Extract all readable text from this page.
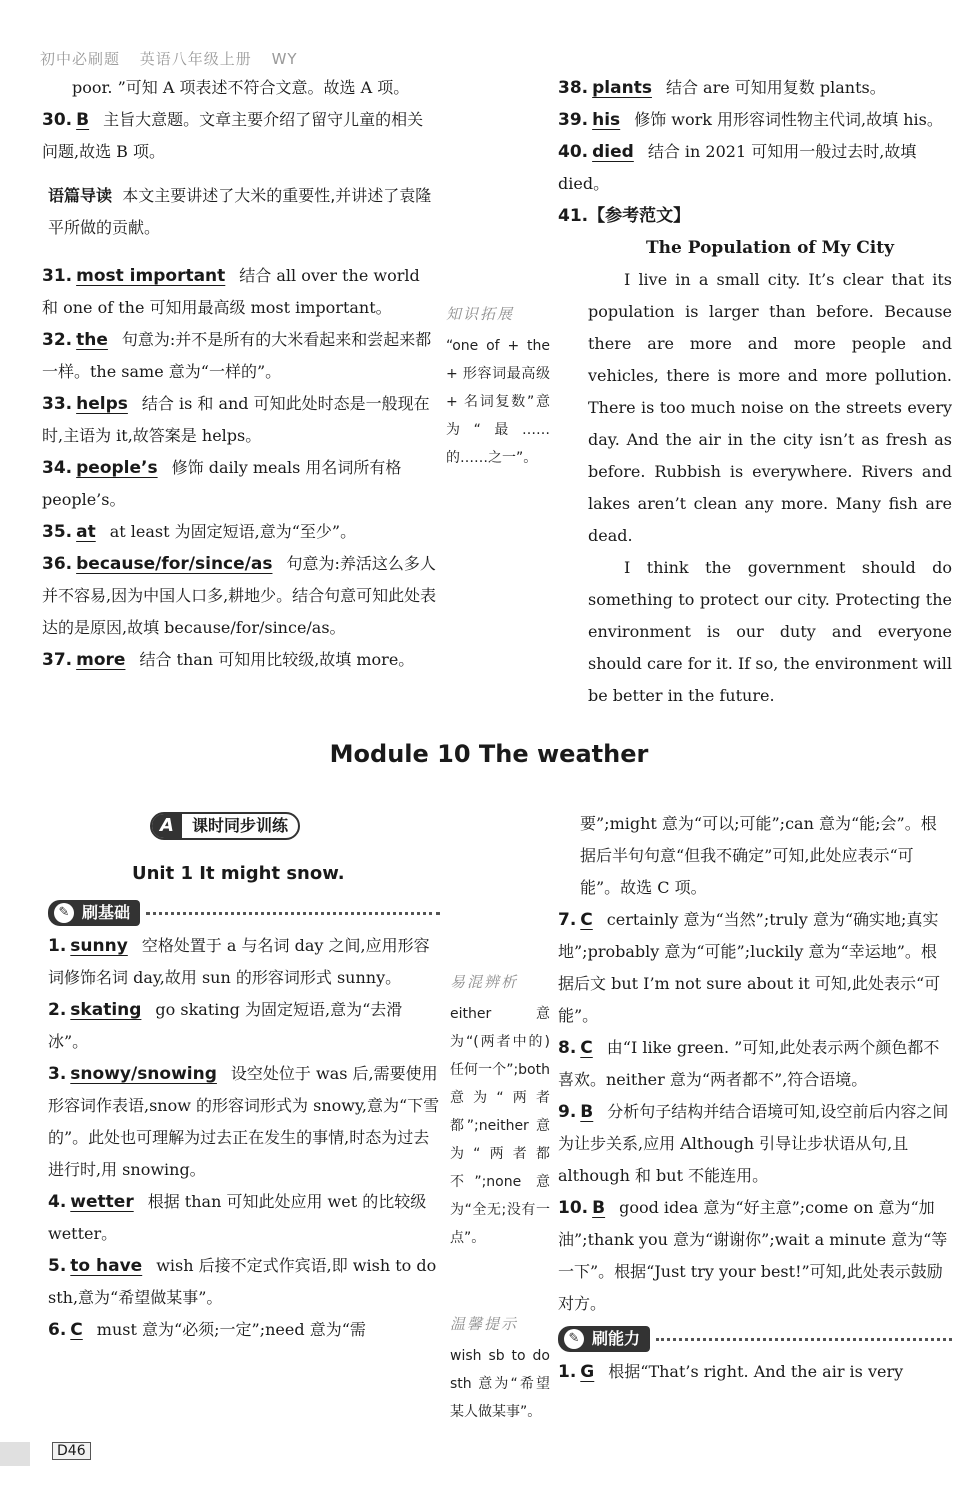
初中必刷题 英语八年级上册 WY
poor. ”可知 A 项表述不符合文意。故选 A 项。
30. B 主旨大意题。文章主要介绍了留守儿童的相关问题,故选 B 项。
语篇导读 本文主要讲述了大米的重要性,并讲述了袁隆平所做的贡献。
31. most important 结合 all over the world 和 one of the 可知用最高级 most important。
32. the 句意为:并不是所有的大米看起来和尝起来都一样。the same 意为“一样的”。
33. helps 结合 is 和 and 可知此处时态是一般现在时,主语为 it,故答案是 helps。
34. people’s 修饰 daily meals 用名词所有格 people’s。
35. at at least 为固定短语,意为“至少”。
36. because/for/since/as 句意为:养活这么多人并不容易,因为中国人口多,耕地少。结合句意可知此处表达的是原因,故填 because/for/since/as。
37. more 结合 than 可知用比较级,故填 more。
知识拓展
“one of + the + 形容词最高级 + 名词复数”意为“最……的……之一”。
38. plants 结合 are 可知用复数 plants。
39. his 修饰 work 用形容词性物主代词,故填 his。
40. died 结合 in 2021 可知用一般过去时,故填 died。
41.【参考范文】
The Population of My City

I live in a small city. It’s clear that its population is larger than before. Because there are more and more people and vehicles, there is more and more pollution. There is too much noise on the streets every day. And the air in the city isn’t as fresh as before. Rubbish is everywhere. Rivers and lakes aren’t clean any more. Many fish are dead.

I think the government should do something to protect our city. Protecting the environment is our duty and everyone should care for it. If so, the environment will be better in the future.

Module 10 The weather
A	课时同步训练
Unit 1 It might snow.
✎ 刷基础
1. sunny 空格处置于 a 与名词 day 之间,应用形容词修饰名词 day,故用 sun 的形容词形式 sunny。
2. skating go skating 为固定短语,意为“去滑冰”。
3. snowy/snowing 设空处位于 was 后,需要使用形容词作表语,snow 的形容词形式为 snowy,意为“下雪的”。此处也可理解为过去正在发生的事情,时态为过去进行时,用 snowing。
4. wetter 根据 than 可知此处应用 wet 的比较级 wetter。
5. to have wish 后接不定式作宾语,即 wish to do sth,意为“希望做某事”。
6. C must 意为“必须;一定”;need 意为“需
易混辨析
either 意为“(两者中的)任何一个”;both 意为“两者都”;neither 意为“两者都不”;none 意为“全无;没有一点”。
温馨提示
wish sb to do sth 意为“希望某人做某事”。
要”;might 意为“可以;可能”;can 意为“能;会”。根据后半句句意“但我不确定”可知,此处应表示“可能”。故选 C 项。
7. C certainly 意为“当然”;truly 意为“确实地;真实地”;probably 意为“可能”;luckily 意为“幸运地”。根据后文 but I’m not sure about it 可知,此处表示“可能”。
8. C 由“I like green. ”可知,此处表示两个颜色都不喜欢。neither 意为“两者都不”,符合语境。
9. B 分析句子结构并结合语境可知,设空前后内容之间为让步关系,应用 Although 引导让步状语从句,且 although 和 but 不能连用。
10. B good idea 意为“好主意”;come on 意为“加油”;thank you 意为“谢谢你”;wait a minute 意为“等一下”。根据“Just try your best!”可知,此处表示鼓励对方。
✎ 刷能力
1. G 根据“That’s right. And the air is very
D46
